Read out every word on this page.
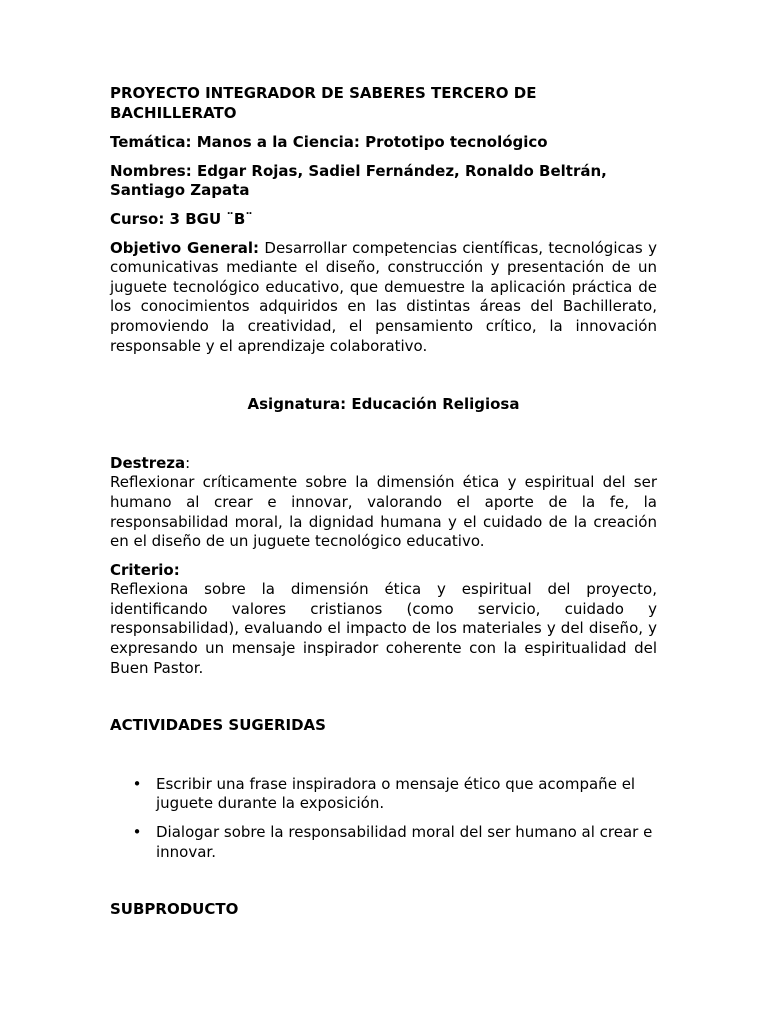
PROYECTO INTEGRADOR DE SABERES TERCERO DE BACHILLERATO

Temática: Manos a la Ciencia: Prototipo tecnológico

Nombres: Edgar Rojas, Sadiel Fernández, Ronaldo Beltrán, Santiago Zapata

Curso: 3 BGU ¨B¨

Objetivo General: Desarrollar competencias científicas, tecnológicas y comunicativas mediante el diseño, construcción y presentación de un juguete tecnológico educativo, que demuestre la aplicación práctica de los conocimientos adquiridos en las distintas áreas del Bachillerato, promoviendo la creatividad, el pensamiento crítico, la innovación responsable y el aprendizaje colaborativo.

Asignatura: Educación Religiosa

Destreza:

Reflexionar críticamente sobre la dimensión ética y espiritual del ser humano al crear e innovar, valorando el aporte de la fe, la responsabilidad moral, la dignidad humana y el cuidado de la creación en el diseño de un juguete tecnológico educativo.

Criterio:

Reflexiona sobre la dimensión ética y espiritual del proyecto, identificando valores cristianos (como servicio, cuidado y responsabilidad), evaluando el impacto de los materiales y del diseño, y expresando un mensaje inspirador coherente con la espiritualidad del Buen Pastor.

ACTIVIDADES SUGERIDAS

• Escribir una frase inspiradora o mensaje ético que acompañe el juguete durante la exposición.
• Dialogar sobre la responsabilidad moral del ser humano al crear e innovar.

SUBPRODUCTO
